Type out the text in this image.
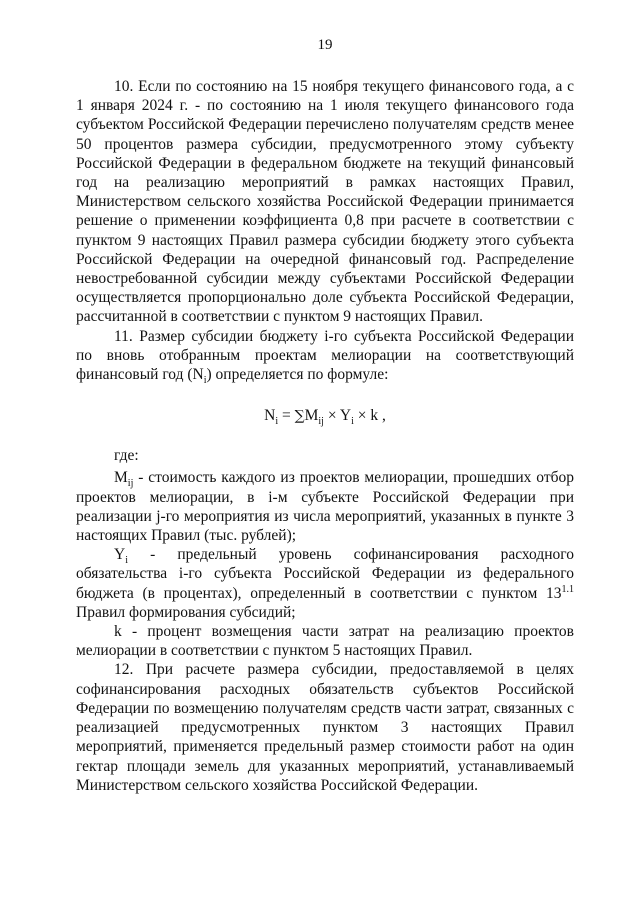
19

10. Если по состоянию на 15 ноября текущего финансового года, а с 1 января 2024 г. - по состоянию на 1 июля текущего финансового года субъектом Российской Федерации перечислено получателям средств менее 50 процентов размера субсидии, предусмотренного этому субъекту Российской Федерации в федеральном бюджете на текущий финансовый год на реализацию мероприятий в рамках настоящих Правил, Министерством сельского хозяйства Российской Федерации принимается решение о применении коэффициента 0,8 при расчете в соответствии с пунктом 9 настоящих Правил размера субсидии бюджету этого субъекта Российской Федерации на очередной финансовый год. Распределение невостребованной субсидии между субъектами Российской Федерации осуществляется пропорционально доле субъекта Российской Федерации, рассчитанной в соответствии с пунктом 9 настоящих Правил.

11. Размер субсидии бюджету i-го субъекта Российской Федерации по вновь отобранным проектам мелиорации на соответствующий финансовый год $(N_i)$ определяется по формуле:

$N_i = \sum M_{ij} \times Y_i \times k$ ,

где:

$M_{ij}$ - стоимость каждого из проектов мелиорации, прошедших отбор проектов мелиорации, в i-м субъекте Российской Федерации при реализации j-го мероприятия из числа мероприятий, указанных в пункте 3 настоящих Правил (тыс. рублей);

$Y_i$ - предельный уровень софинансирования расходного обязательства i-го субъекта Российской Федерации из федерального бюджета (в процентах), определенный в соответствии с пунктом $13^{1.1}$ Правил формирования субсидий;

k - процент возмещения части затрат на реализацию проектов мелиорации в соответствии с пунктом 5 настоящих Правил.

12. При расчете размера субсидии, предоставляемой в целях софинансирования расходных обязательств субъектов Российской Федерации по возмещению получателям средств части затрат, связанных с реализацией предусмотренных пунктом 3 настоящих Правил мероприятий, применяется предельный размер стоимости работ на один гектар площади земель для указанных мероприятий, устанавливаемый Министерством сельского хозяйства Российской Федерации.
